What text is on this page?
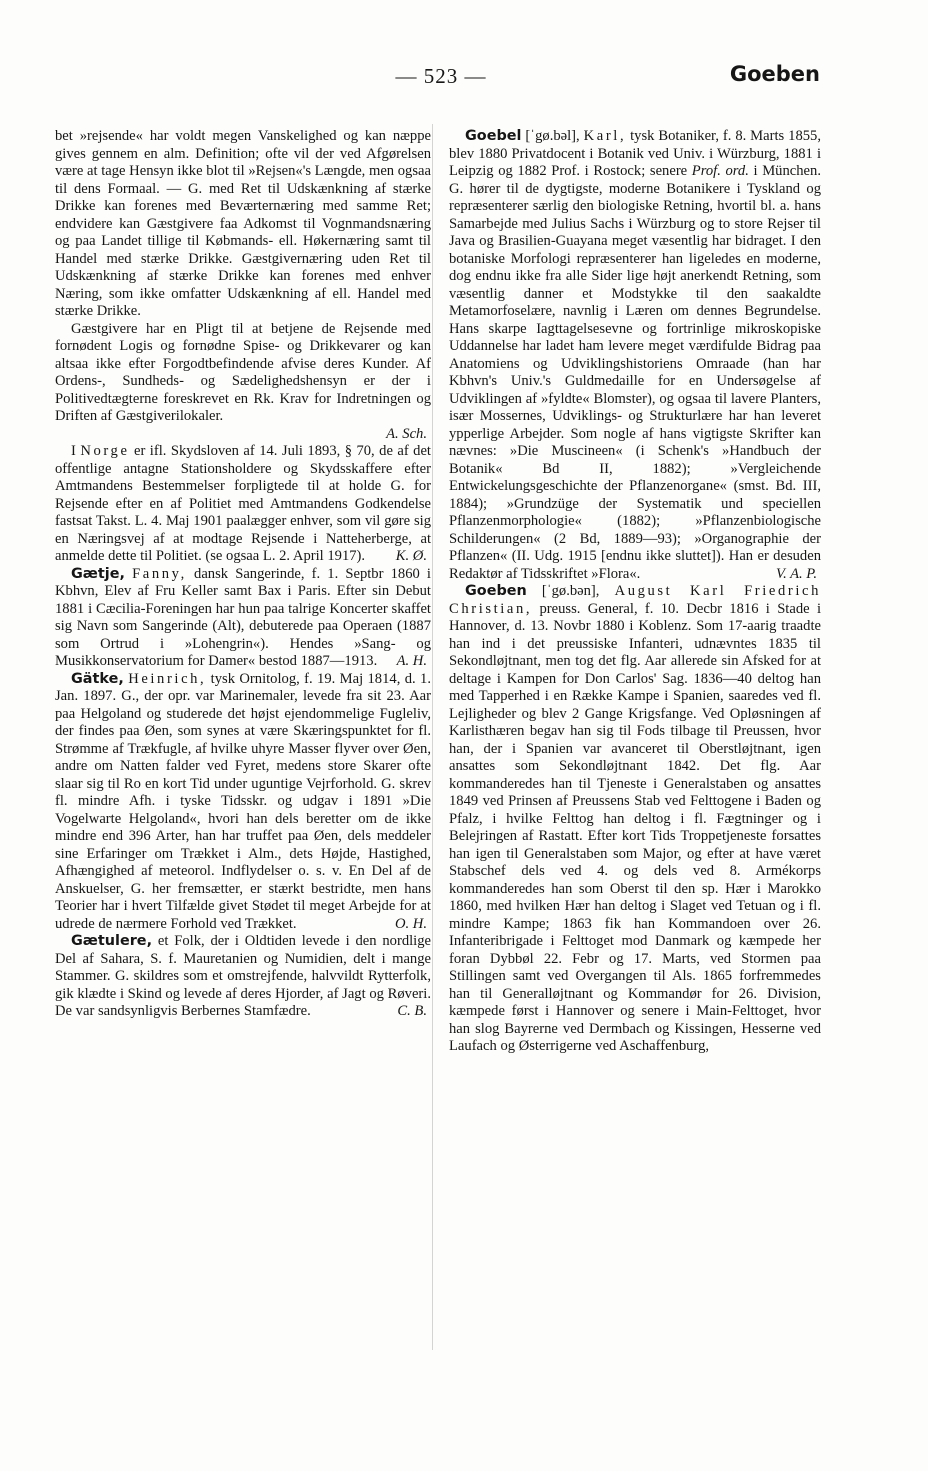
— 523 —	Goeben

bet »rejsende« har voldt megen Vanskelighed og kan næppe gives gennem en alm. Definition; ofte vil der ved Afgørelsen være at tage Hensyn ikke blot til »Rejsen«'s Længde, men ogsaa til dens Formaal. — G. med Ret til Udskænkning af stærke Drikke kan forenes med Beværternæring med samme Ret; endvidere kan Gæstgivere faa Adkomst til Vognmandsnæring og paa Landet tillige til Købmands- ell. Høkernæring samt til Handel med stærke Drikke. Gæstgivernæring uden Ret til Udskænkning af stærke Drikke kan forenes med enhver Næring, som ikke omfatter Udskænkning af ell. Handel med stærke Drikke.

Gæstgivere har en Pligt til at betjene de Rejsende med fornødent Logis og fornødne Spise- og Drikkevarer og kan altsaa ikke efter Forgodtbefindende afvise deres Kunder. Af Ordens-, Sundheds- og Sædelighedshensyn er der i Politivedtægterne foreskrevet en Rk. Krav for Indretningen og Driften af Gæstgiverilokaler.
A. Sch.

I Norge er ifl. Skydsloven af 14. Juli 1893, § 70, de af det offentlige antagne Stationsholdere og Skydsskaffere efter Amtmandens Bestemmelser forpligtede til at holde G. for Rejsende efter en af Politiet med Amtmandens Godkendelse fastsat Takst. L. 4. Maj 1901 paalægger enhver, som vil gøre sig en Næringsvej af at modtage Rejsende i Natteherberge, at anmelde dette til Politiet. (se ogsaa L. 2. April 1917).	K. Ø.

Gætje, Fanny, dansk Sangerinde, f. 1. Septbr 1860 i Kbhvn, Elev af Fru Keller samt Bax i Paris. Efter sin Debut 1881 i Cæcilia-Foreningen har hun paa talrige Koncerter skaffet sig Navn som Sangerinde (Alt), debuterede paa Operaen (1887 som Ortrud i »Lohengrin«). Hendes »Sang- og Musikkonservatorium for Damer« bestod 1887—1913.	A. H.

Gätke, Heinrich, tysk Ornitolog, f. 19. Maj 1814, d. 1. Jan. 1897. G., der opr. var Marinemaler, levede fra sit 23. Aar paa Helgoland og studerede det højst ejendommelige Fugleliv, der findes paa Øen, som synes at være Skæringspunktet for fl. Strømme af Trækfugle, af hvilke uhyre Masser flyver over Øen, andre om Natten falder ved Fyret, medens store Skarer ofte slaar sig til Ro en kort Tid under uguntige Vejrforhold. G. skrev fl. mindre Afh. i tyske Tidsskr. og udgav i 1891 »Die Vogelwarte Helgoland«, hvori han dels beretter om de ikke mindre end 396 Arter, han har truffet paa Øen, dels meddeler sine Erfaringer om Trækket i Alm., dets Højde, Hastighed, Afhængighed af meteorol. Indflydelser o. s. v. En Del af de Anskuelser, G. her fremsætter, er stærkt bestridte, men hans Teorier har i hvert Tilfælde givet Stødet til meget Arbejde for at udrede de nærmere Forhold ved Trækket.	O. H.

Gætulere, et Folk, der i Oldtiden levede i den nordlige Del af Sahara, S. f. Mauretanien og Numidien, delt i mange Stammer. G. skildres som et omstrejfende, halvvildt Rytterfolk, gik klædte i Skind og levede af deres Hjorder, af Jagt og Røveri. De var sandsynligvis Berbernes Stamfædre.	C. B.

Goebel [ˈgø.bəl], Karl, tysk Botaniker, f. 8. Marts 1855, blev 1880 Privatdocent i Botanik ved Univ. i Würzburg, 1881 i Leipzig og 1882 Prof. i Rostock; senere Prof. ord. i München. G. hører til de dygtigste, moderne Botanikere i Tyskland og repræsenterer særlig den biologiske Retning, hvortil bl. a. hans Samarbejde med Julius Sachs i Würzburg og to store Rejser til Java og Brasilien-Guayana meget væsentlig har bidraget. I den botaniske Morfologi repræsenterer han ligeledes en moderne, dog endnu ikke fra alle Sider lige højt anerkendt Retning, som væsentlig danner et Modstykke til den saakaldte Metamorfoselære, navnlig i Læren om dennes Begrundelse. Hans skarpe Iagttagelsesevne og fortrinlige mikroskopiske Uddannelse har ladet ham levere meget værdifulde Bidrag paa Anatomiens og Udviklingshistoriens Omraade (han har Kbhvn's Univ.'s Guldmedaille for en Undersøgelse af Udviklingen af »fyldte« Blomster), og ogsaa til lavere Planters, især Mossernes, Udviklings- og Strukturlære har han leveret ypperlige Arbejder. Som nogle af hans vigtigste Skrifter kan nævnes: »Die Muscineen« (i Schenk's »Handbuch der Botanik« Bd II, 1882); »Vergleichende Entwickelungsgeschichte der Pflanzenorgane« (smst. Bd. III, 1884); »Grundzüge der Systematik und speciellen Pflanzenmorphologie« (1882); »Pflanzenbiologische Schilderungen« (2 Bd, 1889—93); »Organographie der Pflanzen« (II. Udg. 1915 [endnu ikke sluttet]). Han er desuden Redaktør af Tidsskriftet »Flora«.	V. A. P.

Goeben [ˈgø.bən], August Karl Friedrich Christian, preuss. General, f. 10. Decbr 1816 i Stade i Hannover, d. 13. Novbr 1880 i Koblenz. Som 17-aarig traadte han ind i det preussiske Infanteri, udnævntes 1835 til Sekondløjtnant, men tog det flg. Aar allerede sin Afsked for at deltage i Kampen for Don Carlos' Sag. 1836—40 deltog han med Tapperhed i en Række Kampe i Spanien, saaredes ved fl. Lejligheder og blev 2 Gange Krigsfange. Ved Opløsningen af Karlisthæren begav han sig til Fods tilbage til Preussen, hvor han, der i Spanien var avanceret til Oberstløjtnant, igen ansattes som Sekondløjtnant 1842. Det flg. Aar kommanderedes han til Tjeneste i Generalstaben og ansattes 1849 ved Prinsen af Preussens Stab ved Felttogene i Baden og Pfalz, i hvilke Felttog han deltog i fl. Fægtninger og i Belejringen af Rastatt. Efter kort Tids Troppetjeneste forsattes han igen til Generalstaben som Major, og efter at have været Stabschef dels ved 4. og dels ved 8. Armékorps kommanderedes han som Oberst til den sp. Hær i Marokko 1860, med hvilken Hær han deltog i Slaget ved Tetuan og i fl. mindre Kampe; 1863 fik han Kommandoen over 26. Infanteribrigade i Felttoget mod Danmark og kæmpede her foran Dybbøl 22. Febr og 17. Marts, ved Stormen paa Stillingen samt ved Overgangen til Als. 1865 forfremmedes han til Generalløjtnant og Kommandør for 26. Division, kæmpede først i Hannover og senere i Main-Felttoget, hvor han slog Bayrerne ved Dermbach og Kissingen, Hesserne ved Laufach og Østerrigerne ved Aschaffenburg,
